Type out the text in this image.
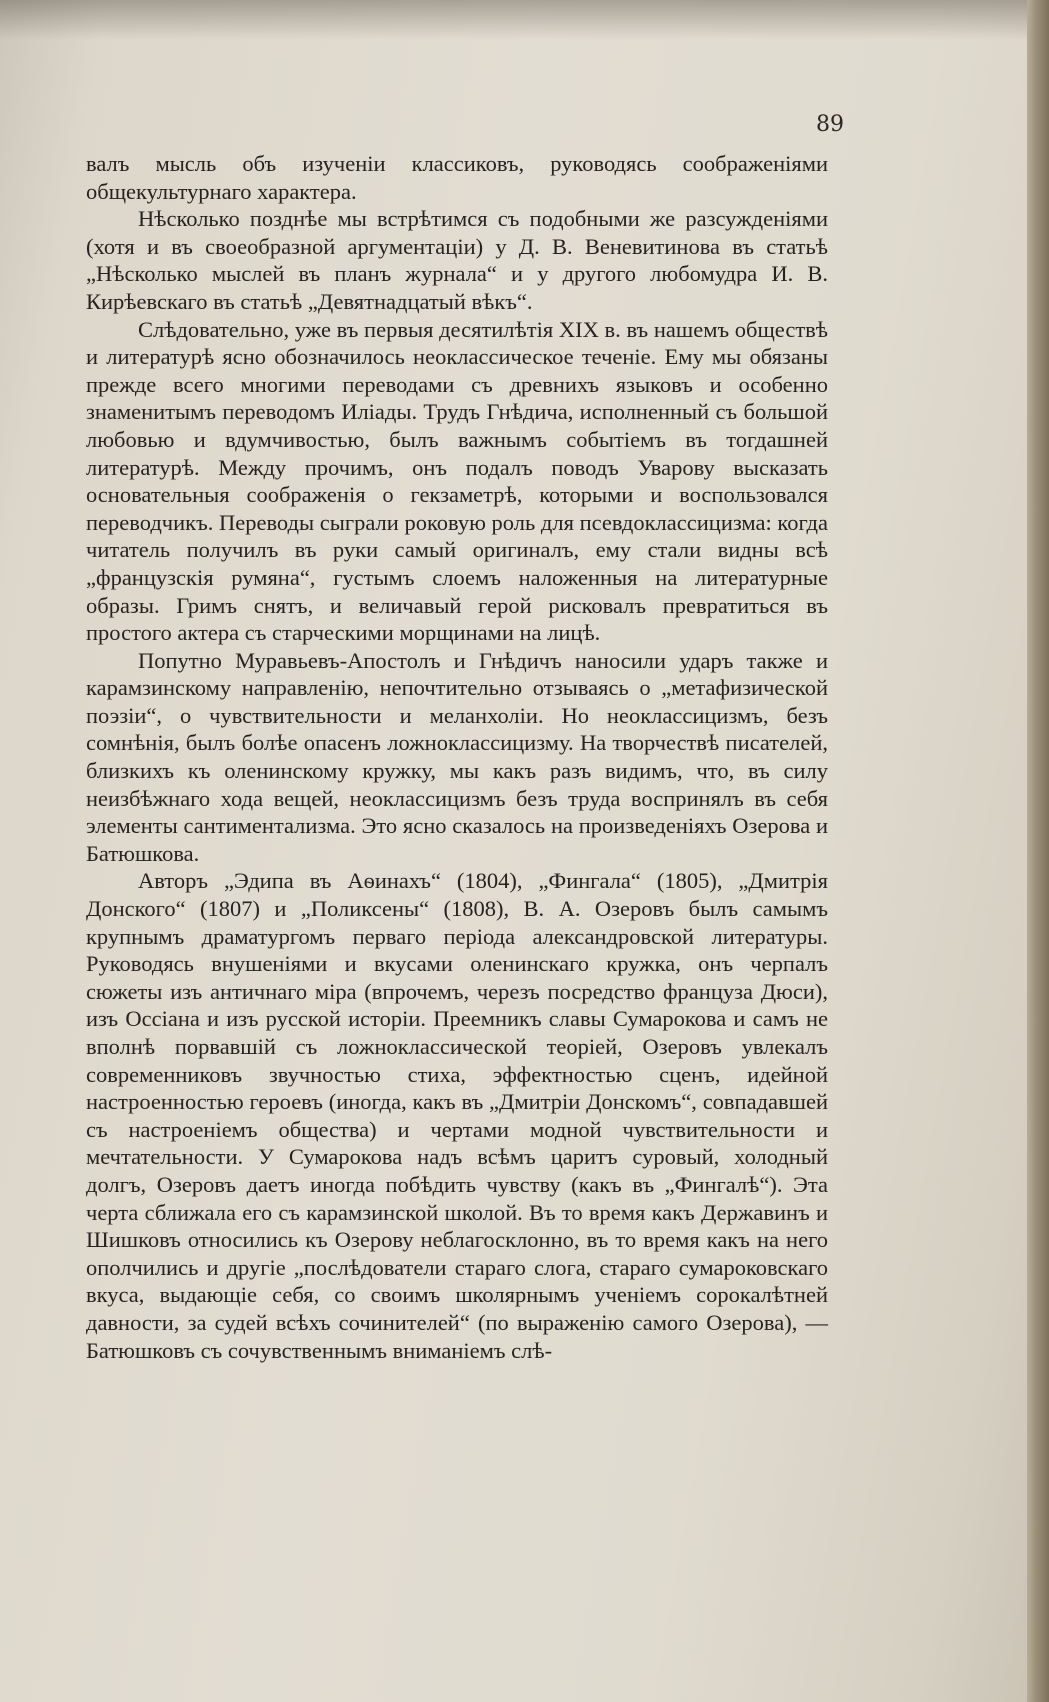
89

валъ мысль объ изученіи классиковъ, руководясь соображеніями общекультурнаго характера.

Нѣсколько позднѣе мы встрѣтимся съ подобными же разсужденіями (хотя и въ своеобразной аргументаціи) у Д. В. Веневитинова въ статьѣ „Нѣсколько мыслей въ планъ журнала“ и у другого любомудра И. В. Кирѣевскаго въ статьѣ „Девятнадцатый вѣкъ“.

Слѣдовательно, уже въ первыя десятилѣтія XIX в. въ нашемъ обществѣ и литературѣ ясно обозначилось неоклассическое теченіе. Ему мы обязаны прежде всего многими переводами съ древнихъ языковъ и особенно знаменитымъ переводомъ Иліады. Трудъ Гнѣдича, исполненный съ большой любовью и вдумчивостью, былъ важнымъ событіемъ въ тогдашней литературѣ. Между прочимъ, онъ подалъ поводъ Уварову высказать основательныя соображенія о гекзаметрѣ, которыми и воспользовался переводчикъ. Переводы сыграли роковую роль для псевдоклассицизма: когда читатель получилъ въ руки самый оригиналъ, ему стали видны всѣ „французскія румяна“, густымъ слоемъ наложенныя на литературные образы. Гримъ снятъ, и величавый герой рисковалъ превратиться въ простого актера съ старческими морщинами на лицѣ.

Попутно Муравьевъ-Апостолъ и Гнѣдичъ наносили ударъ также и карамзинскому направленію, непочтительно отзываясь о „метафизической поэзіи“, о чувствительности и меланхоліи. Но неоклассицизмъ, безъ сомнѣнія, былъ болѣе опасенъ ложноклассицизму. На творчествѣ писателей, близкихъ къ оленинскому кружку, мы какъ разъ видимъ, что, въ силу неизбѣжнаго хода вещей, неоклассицизмъ безъ труда воспринялъ въ себя элементы сантиментализма. Это ясно сказалось на произведеніяхъ Озерова и Батюшкова.

Авторъ „Эдипа въ Аѳинахъ“ (1804), „Фингала“ (1805), „Дмитрія Донского“ (1807) и „Поликсены“ (1808), В. А. Озеровъ былъ самымъ крупнымъ драматургомъ перваго періода александровской литературы. Руководясь внушеніями и вкусами оленинскаго кружка, онъ черпалъ сюжеты изъ античнаго міра (впрочемъ, черезъ посредство француза Дюси), изъ Оссіана и изъ русской исторіи. Преемникъ славы Сумарокова и самъ не вполнѣ порвавшій съ ложноклассической теоріей, Озеровъ увлекалъ современниковъ звучностью стиха, эффектностью сценъ, идейной настроенностью героевъ (иногда, какъ въ „Дмитріи Донскомъ“, совпадавшей съ настроеніемъ общества) и чертами модной чувствительности и мечтательности. У Сумарокова надъ всѣмъ царитъ суровый, холодный долгъ, Озеровъ даетъ иногда побѣдить чувству (какъ въ „Фингалѣ“). Эта черта сближала его съ карамзинской школой. Въ то время какъ Державинъ и Шишковъ относились къ Озерову неблагосклонно, въ то время какъ на него ополчились и другіе „послѣдователи стараго слога, стараго сумароковскаго вкуса, выдающіе себя, со своимъ школярнымъ ученіемъ сорокалѣтней давности, за судей всѣхъ сочинителей“ (по выраженію самого Озерова), — Батюшковъ съ сочувственнымъ вниманіемъ слѣ-
